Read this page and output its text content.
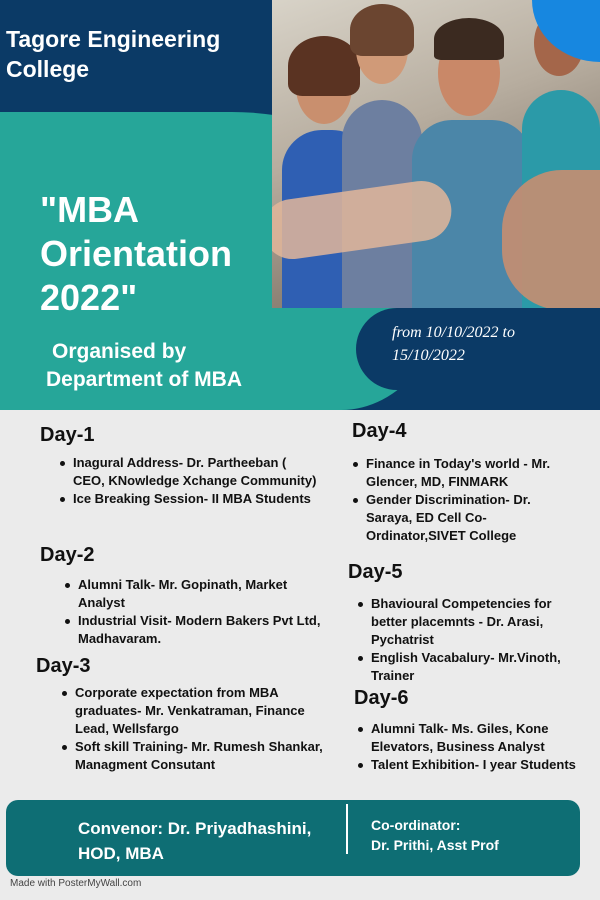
Tagore Engineering College
"MBA Orientation 2022"
Organised by
Department of MBA
from 10/10/2022 to 15/10/2022
Day-1
Inagural Address- Dr. Partheeban ( CEO, KNowledge Xchange Community)
Ice Breaking Session- II MBA Students
Day-2
Alumni Talk- Mr. Gopinath, Market Analyst
Industrial Visit- Modern Bakers Pvt Ltd, Madhavaram.
Day-3
Corporate expectation from MBA graduates- Mr. Venkatraman, Finance Lead, Wellsfargo
Soft skill Training- Mr. Rumesh Shankar, Managment Consutant
Day-4
Finance in Today's world - Mr. Glencer, MD, FINMARK
Gender Discrimination- Dr. Saraya, ED Cell Co-Ordinator,SIVET College
Day-5
Bhavioural Competencies for better placemnts - Dr. Arasi, Pychatrist
English Vacabalury- Mr.Vinoth, Trainer
Day-6
Alumni Talk- Ms. Giles, Kone Elevators, Business Analyst
Talent Exhibition- I year Students
Convenor: Dr. Priyadhashini, HOD, MBA
Co-ordinator:
Dr. Prithi, Asst Prof
Made with PosterMyWall.com
